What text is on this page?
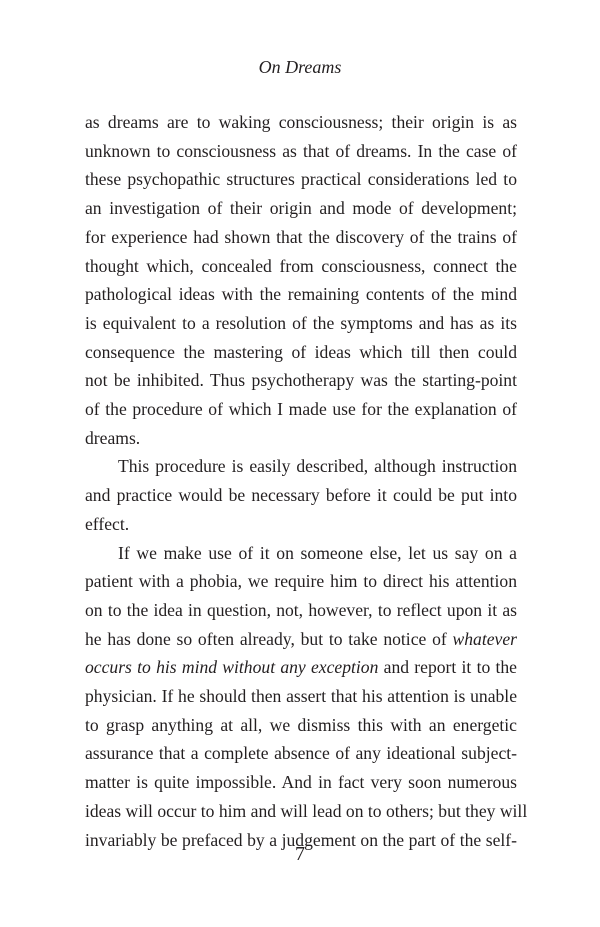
On Dreams

as dreams are to waking consciousness; their origin is as
unknown to consciousness as that of dreams. In the case of
these psychopathic structures practical considerations led to
an investigation of their origin and mode of development;
for experience had shown that the discovery of the trains of
thought which, concealed from consciousness, connect the
pathological ideas with the remaining contents of the mind
is equivalent to a resolution of the symptoms and has as its
consequence the mastering of ideas which till then could
not be inhibited. Thus psychotherapy was the starting-point
of the procedure of which I made use for the explanation of
dreams.

This procedure is easily described, although instruction
and practice would be necessary before it could be put into
effect.

If we make use of it on someone else, let us say on a
patient with a phobia, we require him to direct his attention
on to the idea in question, not, however, to reflect upon it as
he has done so often already, but to take notice of whatever
occurs to his mind without any exception and report it to the
physician. If he should then assert that his attention is unable
to grasp anything at all, we dismiss this with an energetic
assurance that a complete absence of any ideational subject-
matter is quite impossible. And in fact very soon numerous
ideas will occur to him and will lead on to others; but they will
invariably be prefaced by a judgement on the part of the self-

7
